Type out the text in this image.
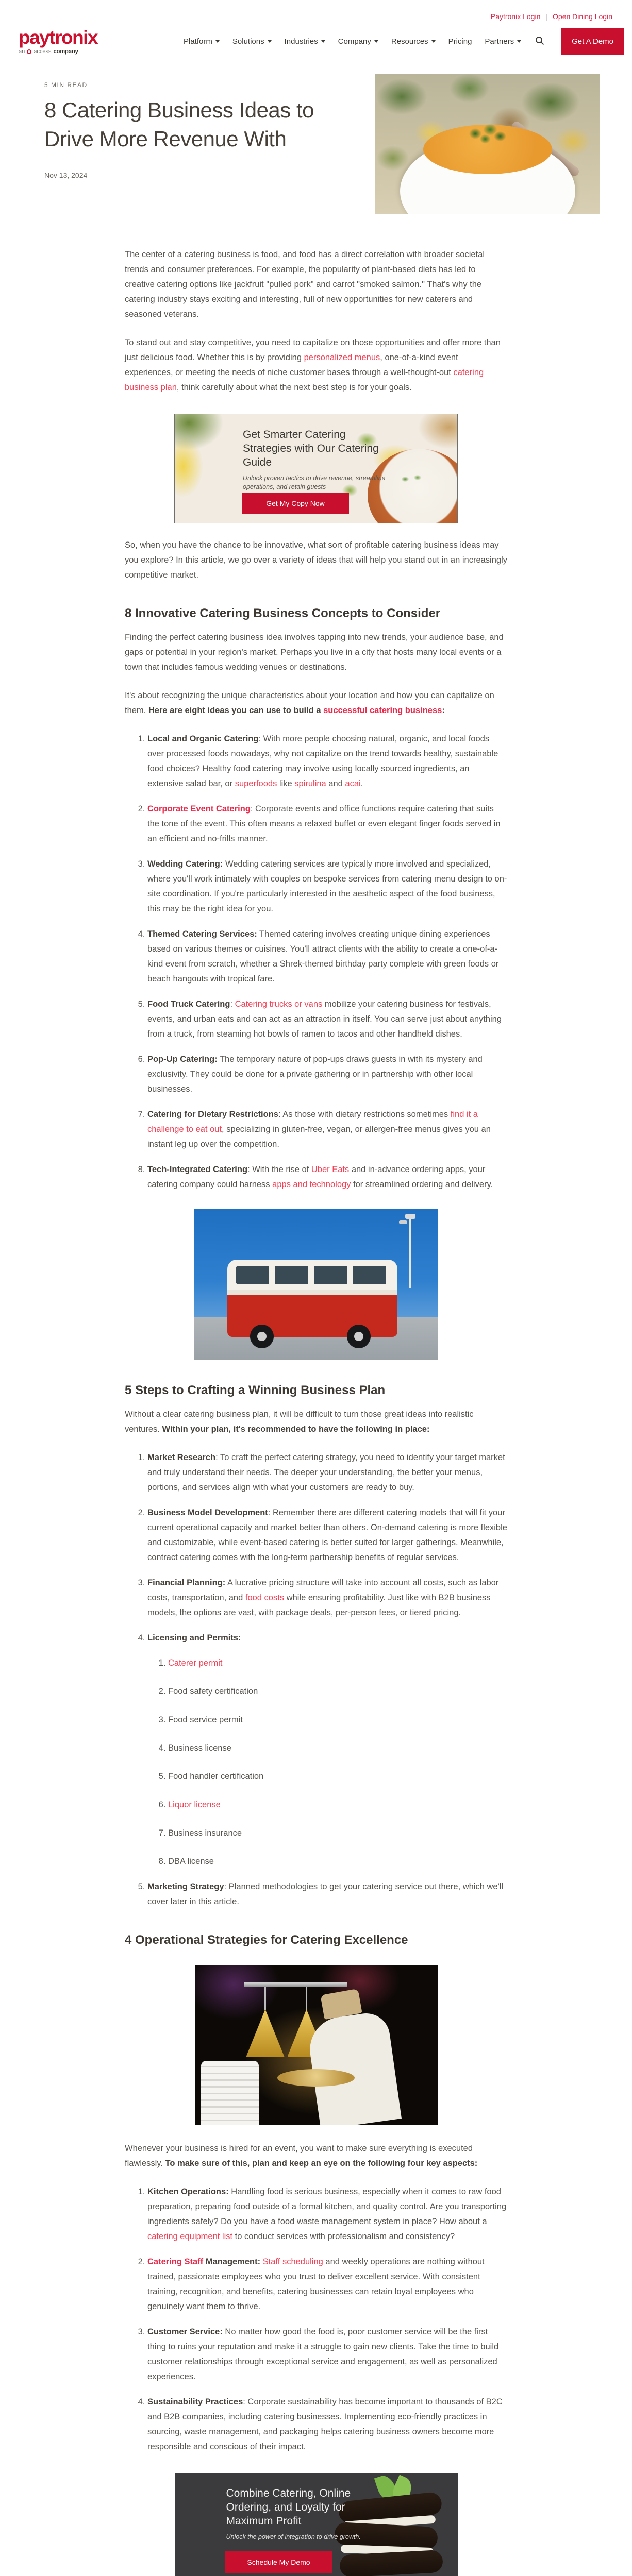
Paytronix Login | Open Dining Login
paytronix
an access company
Platform	Solutions	Industries	Company	Resources	Pricing Partners	Get A Demo
5 MIN READ
8 Catering Business Ideas to Drive More Revenue With
Nov 13, 2024

The center of a catering business is food, and food has a direct correlation with broader societal trends and consumer preferences. For example, the popularity of plant-based diets has led to creative catering options like jackfruit "pulled pork" and carrot "smoked salmon." That's why the catering industry stays exciting and interesting, full of new opportunities for new caterers and seasoned veterans.

To stand out and stay competitive, you need to capitalize on those opportunities and offer more than just delicious food. Whether this is by providing personalized menus, one-of-a-kind event experiences, or meeting the needs of niche customer bases through a well-thought-out catering business plan, think carefully about what the next best step is for your goals.

Get Smarter Catering Strategies with Our Catering Guide
Unlock proven tactics to drive revenue, streamline operations, and retain guests
Get My Copy Now

So, when you have the chance to be innovative, what sort of profitable catering business ideas may you explore? In this article, we go over a variety of ideas that will help you stand out in an increasingly competitive market.

8 Innovative Catering Business Concepts to Consider

Finding the perfect catering business idea involves tapping into new trends, your audience base, and gaps or potential in your region's market. Perhaps you live in a city that hosts many local events or a town that includes famous wedding venues or destinations.

It's about recognizing the unique characteristics about your location and how you can capitalize on them. Here are eight ideas you can use to build a successful catering business:

1. Local and Organic Catering: With more people choosing natural, organic, and local foods over processed foods nowadays, why not capitalize on the trend towards healthy, sustainable food choices? Healthy food catering may involve using locally sourced ingredients, an extensive salad bar, or superfoods like spirulina and acai.
2. Corporate Event Catering: Corporate events and office functions require catering that suits the tone of the event. This often means a relaxed buffet or even elegant finger foods served in an efficient and no-frills manner.
3. Wedding Catering: Wedding catering services are typically more involved and specialized, where you'll work intimately with couples on bespoke services from catering menu design to on-site coordination. If you're particularly interested in the aesthetic aspect of the food business, this may be the right idea for you.
4. Themed Catering Services: Themed catering involves creating unique dining experiences based on various themes or cuisines. You'll attract clients with the ability to create a one-of-a-kind event from scratch, whether a Shrek-themed birthday party complete with green foods or beach hangouts with tropical fare.
5. Food Truck Catering: Catering trucks or vans mobilize your catering business for festivals, events, and urban eats and can act as an attraction in itself. You can serve just about anything from a truck, from steaming hot bowls of ramen to tacos and other handheld dishes.
6. Pop-Up Catering: The temporary nature of pop-ups draws guests in with its mystery and exclusivity. They could be done for a private gathering or in partnership with other local businesses.
7. Catering for Dietary Restrictions: As those with dietary restrictions sometimes find it a challenge to eat out, specializing in gluten-free, vegan, or allergen-free menus gives you an instant leg up over the competition.
8. Tech-Integrated Catering: With the rise of Uber Eats and in-advance ordering apps, your catering company could harness apps and technology for streamlined ordering and delivery.
5 Steps to Crafting a Winning Business Plan

Without a clear catering business plan, it will be difficult to turn those great ideas into realistic ventures. Within your plan, it's recommended to have the following in place:

1. Market Research: To craft the perfect catering strategy, you need to identify your target market and truly understand their needs. The deeper your understanding, the better your menus, portions, and services align with what your customers are ready to buy.
2. Business Model Development: Remember there are different catering models that will fit your current operational capacity and market better than others. On-demand catering is more flexible and customizable, while event-based catering is better suited for larger gatherings. Meanwhile, contract catering comes with the long-term partnership benefits of regular services.
3. Financial Planning: A lucrative pricing structure will take into account all costs, such as labor costs, transportation, and food costs while ensuring profitability. Just like with B2B business models, the options are vast, with package deals, per-person fees, or tiered pricing.
4. Licensing and Permits:
1. Caterer permit
2. Food safety certification
3. Food service permit
4. Business license
5. Food handler certification
6. Liquor license
7. Business insurance
8. DBA license
5. Marketing Strategy: Planned methodologies to get your catering service out there, which we'll cover later in this article.
4 Operational Strategies for Catering Excellence

Whenever your business is hired for an event, you want to make sure everything is executed flawlessly. To make sure of this, plan and keep an eye on the following four key aspects:

1. Kitchen Operations: Handling food is serious business, especially when it comes to raw food preparation, preparing food outside of a formal kitchen, and quality control. Are you transporting ingredients safely? Do you have a food waste management system in place? How about a catering equipment list to conduct services with professionalism and consistency?
2. Catering Staff Management: Staff scheduling and weekly operations are nothing without trained, passionate employees who you trust to deliver excellent service. With consistent training, recognition, and benefits, catering businesses can retain loyal employees who genuinely want them to thrive.
3. Customer Service: No matter how good the food is, poor customer service will be the first thing to ruins your reputation and make it a struggle to gain new clients. Take the time to build customer relationships through exceptional service and engagement, as well as personalized experiences.
4. Sustainability Practices: Corporate sustainability has become important to thousands of B2C and B2B companies, including catering businesses. Implementing eco-friendly practices in sourcing, waste management, and packaging helps catering business owners become more responsible and conscious of their impact.
Combine Catering, Online Ordering, and Loyalty for Maximum Profit
Unlock the power of integration to drive growth.
Schedule My Demo
